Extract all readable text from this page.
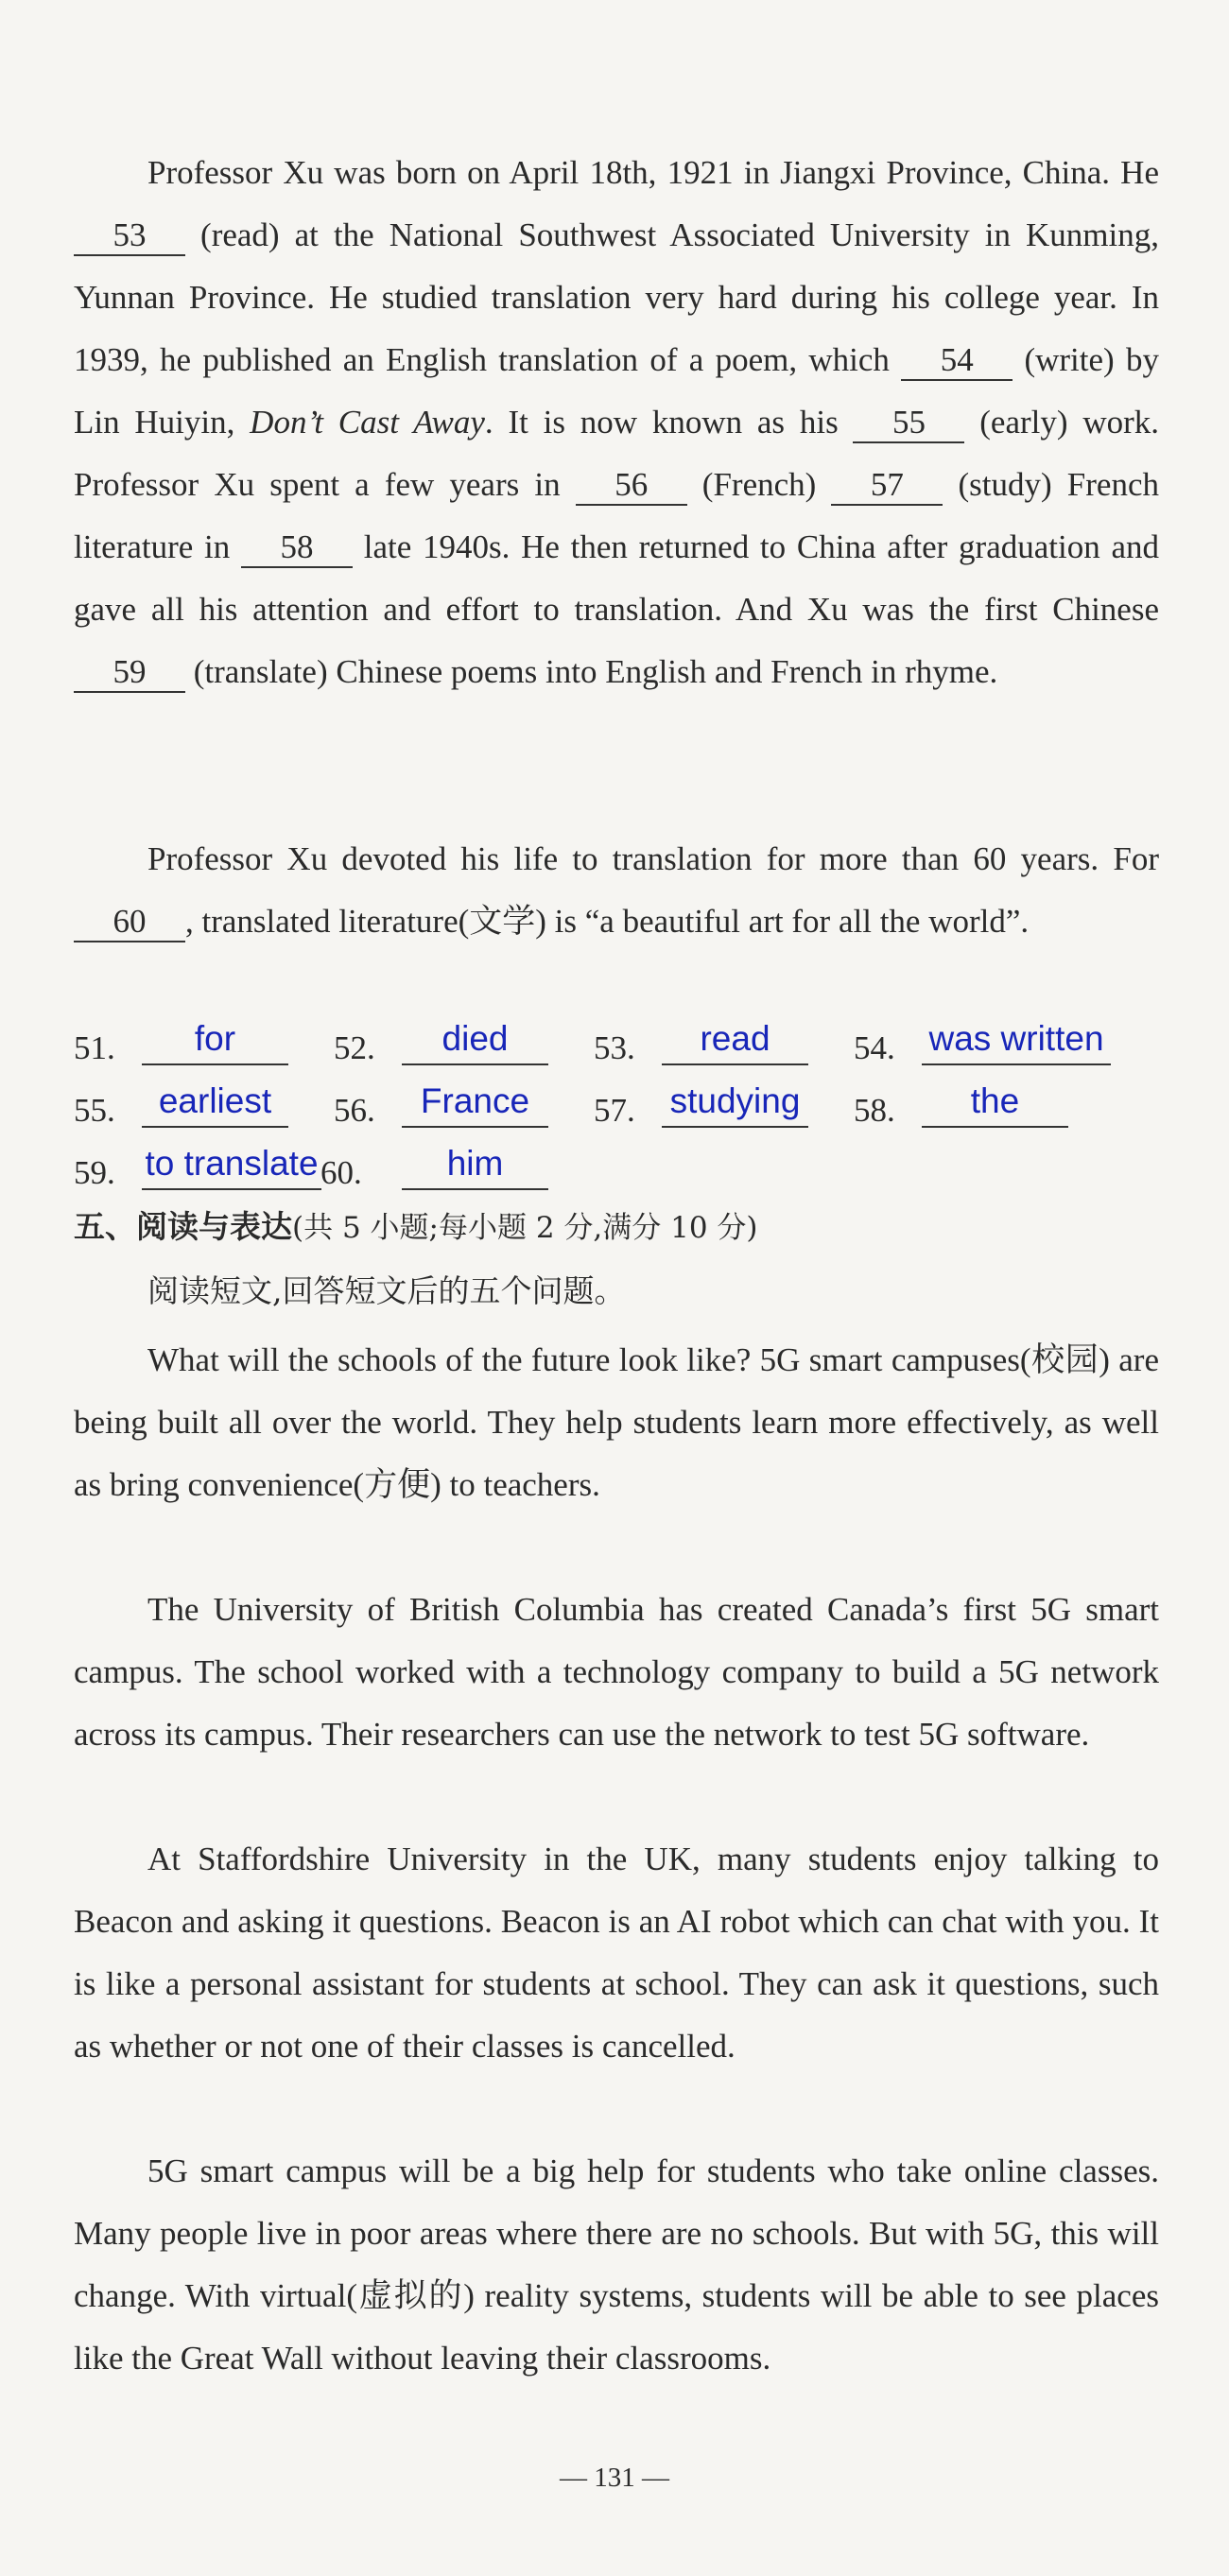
Professor Xu was born on April 18th, 1921 in Jiangxi Province, China. He 53 (read) at the National Southwest Associated University in Kunming, Yunnan Province. He studied translation very hard during his college year. In 1939, he published an English translation of a poem, which 54 (write) by Lin Huiyin, Don’t Cast Away. It is now known as his 55 (early) work. Professor Xu spent a few years in 56 (French) 57 (study) French literature in 58 late 1940s. He then returned to China after graduation and gave all his attention and effort to translation. And Xu was the first Chinese 59 (translate) Chinese poems into English and French in rhyme.

Professor Xu devoted his life to translation for more than 60 years. For 60 , translated literature(文学) is “a beautiful art for all the world”.

51.	for	52.	died	53.	read	54. was written
55.	earliest	56.	France	57. studying 58.	the
59. to translate 60.	him
五、阅读与表达(共 5 小题;每小题 2 分,满分 10 分)
阅读短文,回答短文后的五个问题。

What will the schools of the future look like? 5G smart campuses(校园) are being built all over the world. They help students learn more effectively, as well as bring convenience(方便) to teachers.

The University of British Columbia has created Canada’s first 5G smart campus. The school worked with a technology company to build a 5G network across its campus. Their researchers can use the network to test 5G software.

At Staffordshire University in the UK, many students enjoy talking to Beacon and asking it questions. Beacon is an AI robot which can chat with you. It is like a personal assistant for students at school. They can ask it questions, such as whether or not one of their classes is cancelled.

5G smart campus will be a big help for students who take online classes. Many people live in poor areas where there are no schools. But with 5G, this will change. With virtual(虚拟的) reality systems, students will be able to see places like the Great Wall without leaving their classrooms.

— 131 —
